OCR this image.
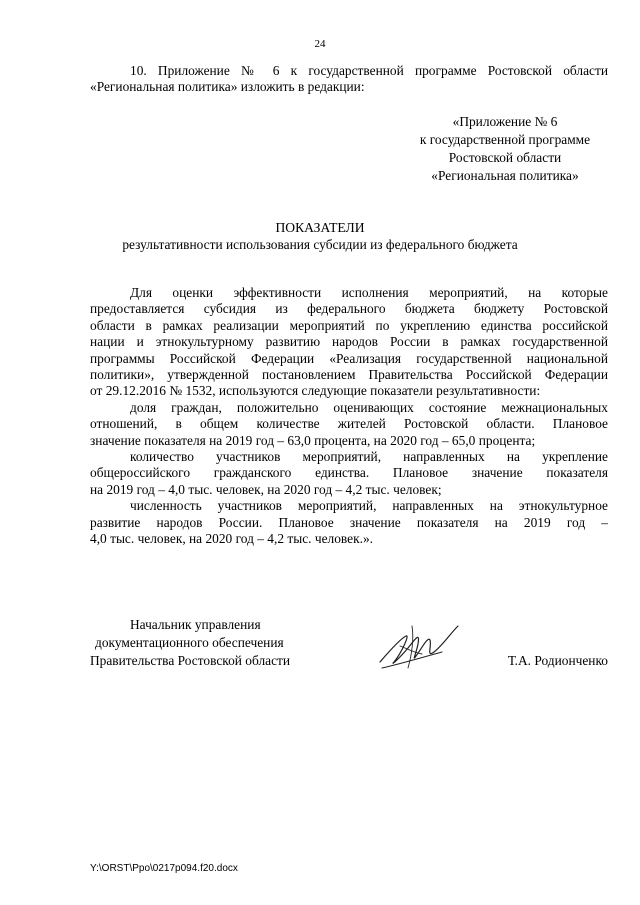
24
10. Приложение № 6 к государственной программе Ростовской области
«Региональная политика» изложить в редакции:
«Приложение № 6
к государственной программе
Ростовской области
«Региональная политика»
ПОКАЗАТЕЛИ
результативности использования субсидии из федерального бюджета
Для оценки эффективности исполнения мероприятий, на которые
предоставляется субсидия из федерального бюджета бюджету Ростовской
области в рамках реализации мероприятий по укреплению единства российской
нации и этнокультурному развитию народов России в рамках государственной
программы Российской Федерации «Реализация государственной национальной
политики», утвержденной постановлением Правительства Российской Федерации
от 29.12.2016 № 1532, используются следующие показатели результативности:
доля граждан, положительно оценивающих состояние межнациональных
отношений, в общем количестве жителей Ростовской области. Плановое
значение показателя на 2019 год – 63,0 процента, на 2020 год – 65,0 процента;
количество участников мероприятий, направленных на укрепление
общероссийского гражданского единства. Плановое значение показателя
на 2019 год – 4,0 тыс. человек, на 2020 год – 4,2 тыс. человек;
численность участников мероприятий, направленных на этнокультурное
развитие народов России. Плановое значение показателя на 2019 год –
4,0 тыс. человек, на 2020 год – 4,2 тыс. человек.».
Начальник управления
документационного обеспечения
Правительства Ростовской области	Т.А. Родионченко
Y:\ORST\Ppo\0217p094.f20.docx
